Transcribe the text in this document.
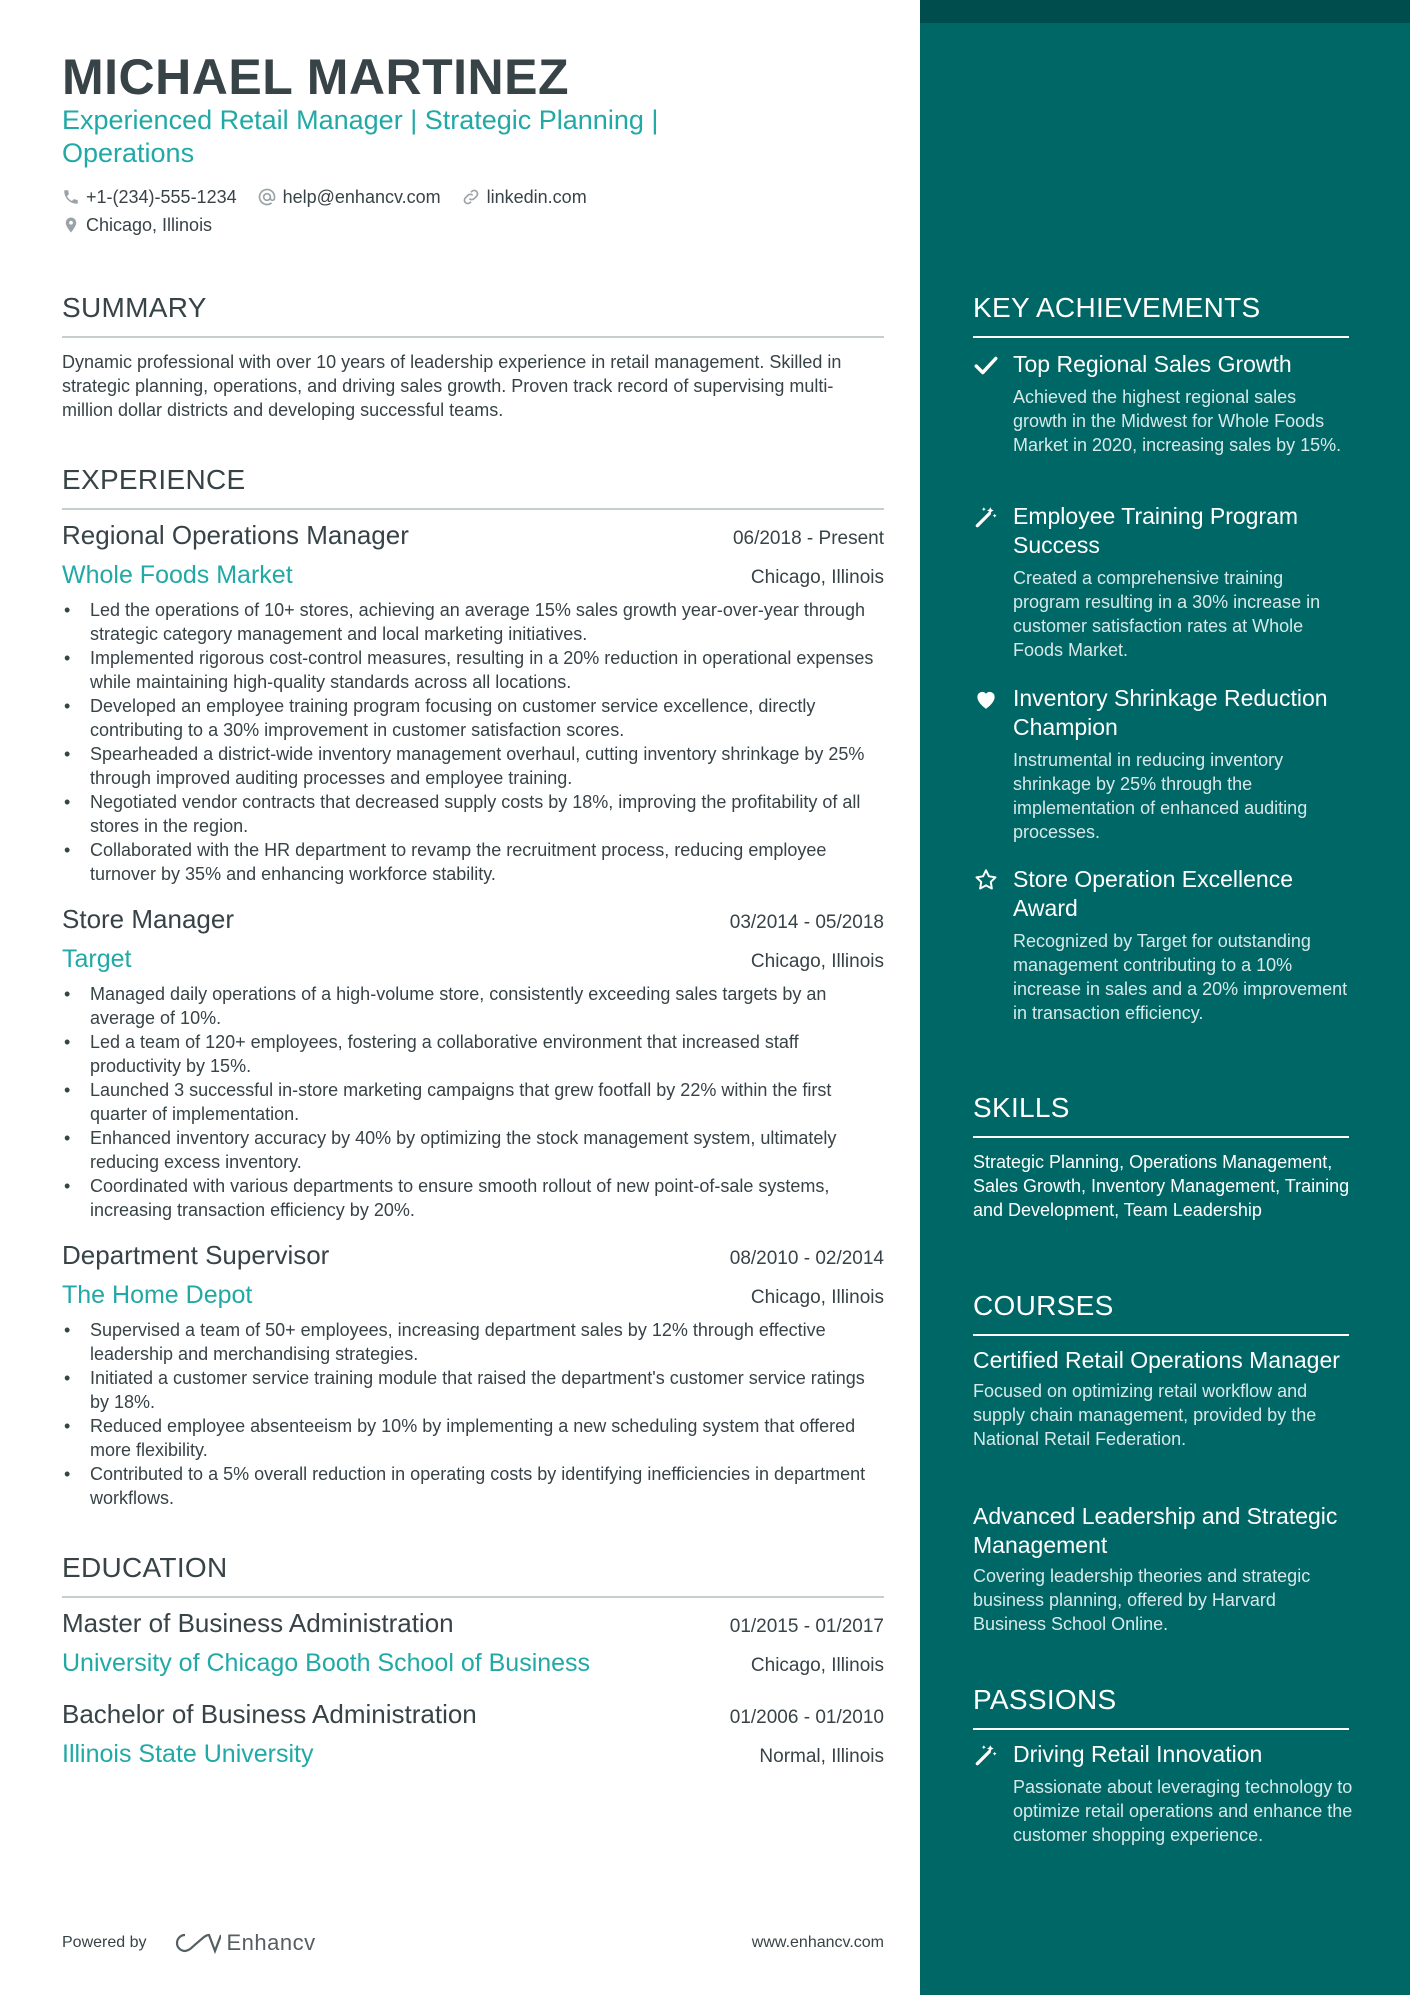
MICHAEL MARTINEZ
Experienced Retail Manager | Strategic Planning |
Operations
+1-(234)-555-1234	help@enhancv.com	linkedin.com
Chicago, Illinois
SUMMARY
Dynamic professional with over 10 years of leadership experience in retail management. Skilled in strategic planning, operations, and driving sales growth. Proven track record of supervising multi-million dollar districts and developing successful teams.
EXPERIENCE
Regional Operations Manager	06/2018 - Present
Whole Foods Market	Chicago, Illinois
• Led the operations of 10+ stores, achieving an average 15% sales growth year-over-year through strategic category management and local marketing initiatives.
• Implemented rigorous cost-control measures, resulting in a 20% reduction in operational expenses while maintaining high-quality standards across all locations.
• Developed an employee training program focusing on customer service excellence, directly contributing to a 30% improvement in customer satisfaction scores.
• Spearheaded a district-wide inventory management overhaul, cutting inventory shrinkage by 25% through improved auditing processes and employee training.
• Negotiated vendor contracts that decreased supply costs by 18%, improving the profitability of all stores in the region.
• Collaborated with the HR department to revamp the recruitment process, reducing employee turnover by 35% and enhancing workforce stability.
Store Manager	03/2014 - 05/2018
Target	Chicago, Illinois
• Managed daily operations of a high-volume store, consistently exceeding sales targets by an average of 10%.
• Led a team of 120+ employees, fostering a collaborative environment that increased staff productivity by 15%.
• Launched 3 successful in-store marketing campaigns that grew footfall by 22% within the first quarter of implementation.
• Enhanced inventory accuracy by 40% by optimizing the stock management system, ultimately reducing excess inventory.
• Coordinated with various departments to ensure smooth rollout of new point-of-sale systems, increasing transaction efficiency by 20%.
Department Supervisor	08/2010 - 02/2014
The Home Depot	Chicago, Illinois
• Supervised a team of 50+ employees, increasing department sales by 12% through effective leadership and merchandising strategies.
• Initiated a customer service training module that raised the department's customer service ratings by 18%.
• Reduced employee absenteeism by 10% by implementing a new scheduling system that offered more flexibility.
• Contributed to a 5% overall reduction in operating costs by identifying inefficiencies in department workflows.
EDUCATION
Master of Business Administration	01/2015 - 01/2017
University of Chicago Booth School of Business	Chicago, Illinois
Bachelor of Business Administration	01/2006 - 01/2010
Illinois State University	Normal, Illinois
Powered by	Enhancv	www.enhancv.com
KEY ACHIEVEMENTS
Top Regional Sales Growth
Achieved the highest regional sales growth in the Midwest for Whole Foods Market in 2020, increasing sales by 15%.
Employee Training Program Success
Created a comprehensive training program resulting in a 30% increase in customer satisfaction rates at Whole Foods Market.
Inventory Shrinkage Reduction Champion
Instrumental in reducing inventory shrinkage by 25% through the implementation of enhanced auditing processes.
Store Operation Excellence Award
Recognized by Target for outstanding management contributing to a 10% increase in sales and a 20% improvement in transaction efficiency.
SKILLS
Strategic Planning, Operations Management, Sales Growth, Inventory Management, Training and Development, Team Leadership
COURSES
Certified Retail Operations Manager
Focused on optimizing retail workflow and supply chain management, provided by the National Retail Federation.
Advanced Leadership and Strategic Management
Covering leadership theories and strategic business planning, offered by Harvard Business School Online.
PASSIONS
Driving Retail Innovation
Passionate about leveraging technology to optimize retail operations and enhance the customer shopping experience.
